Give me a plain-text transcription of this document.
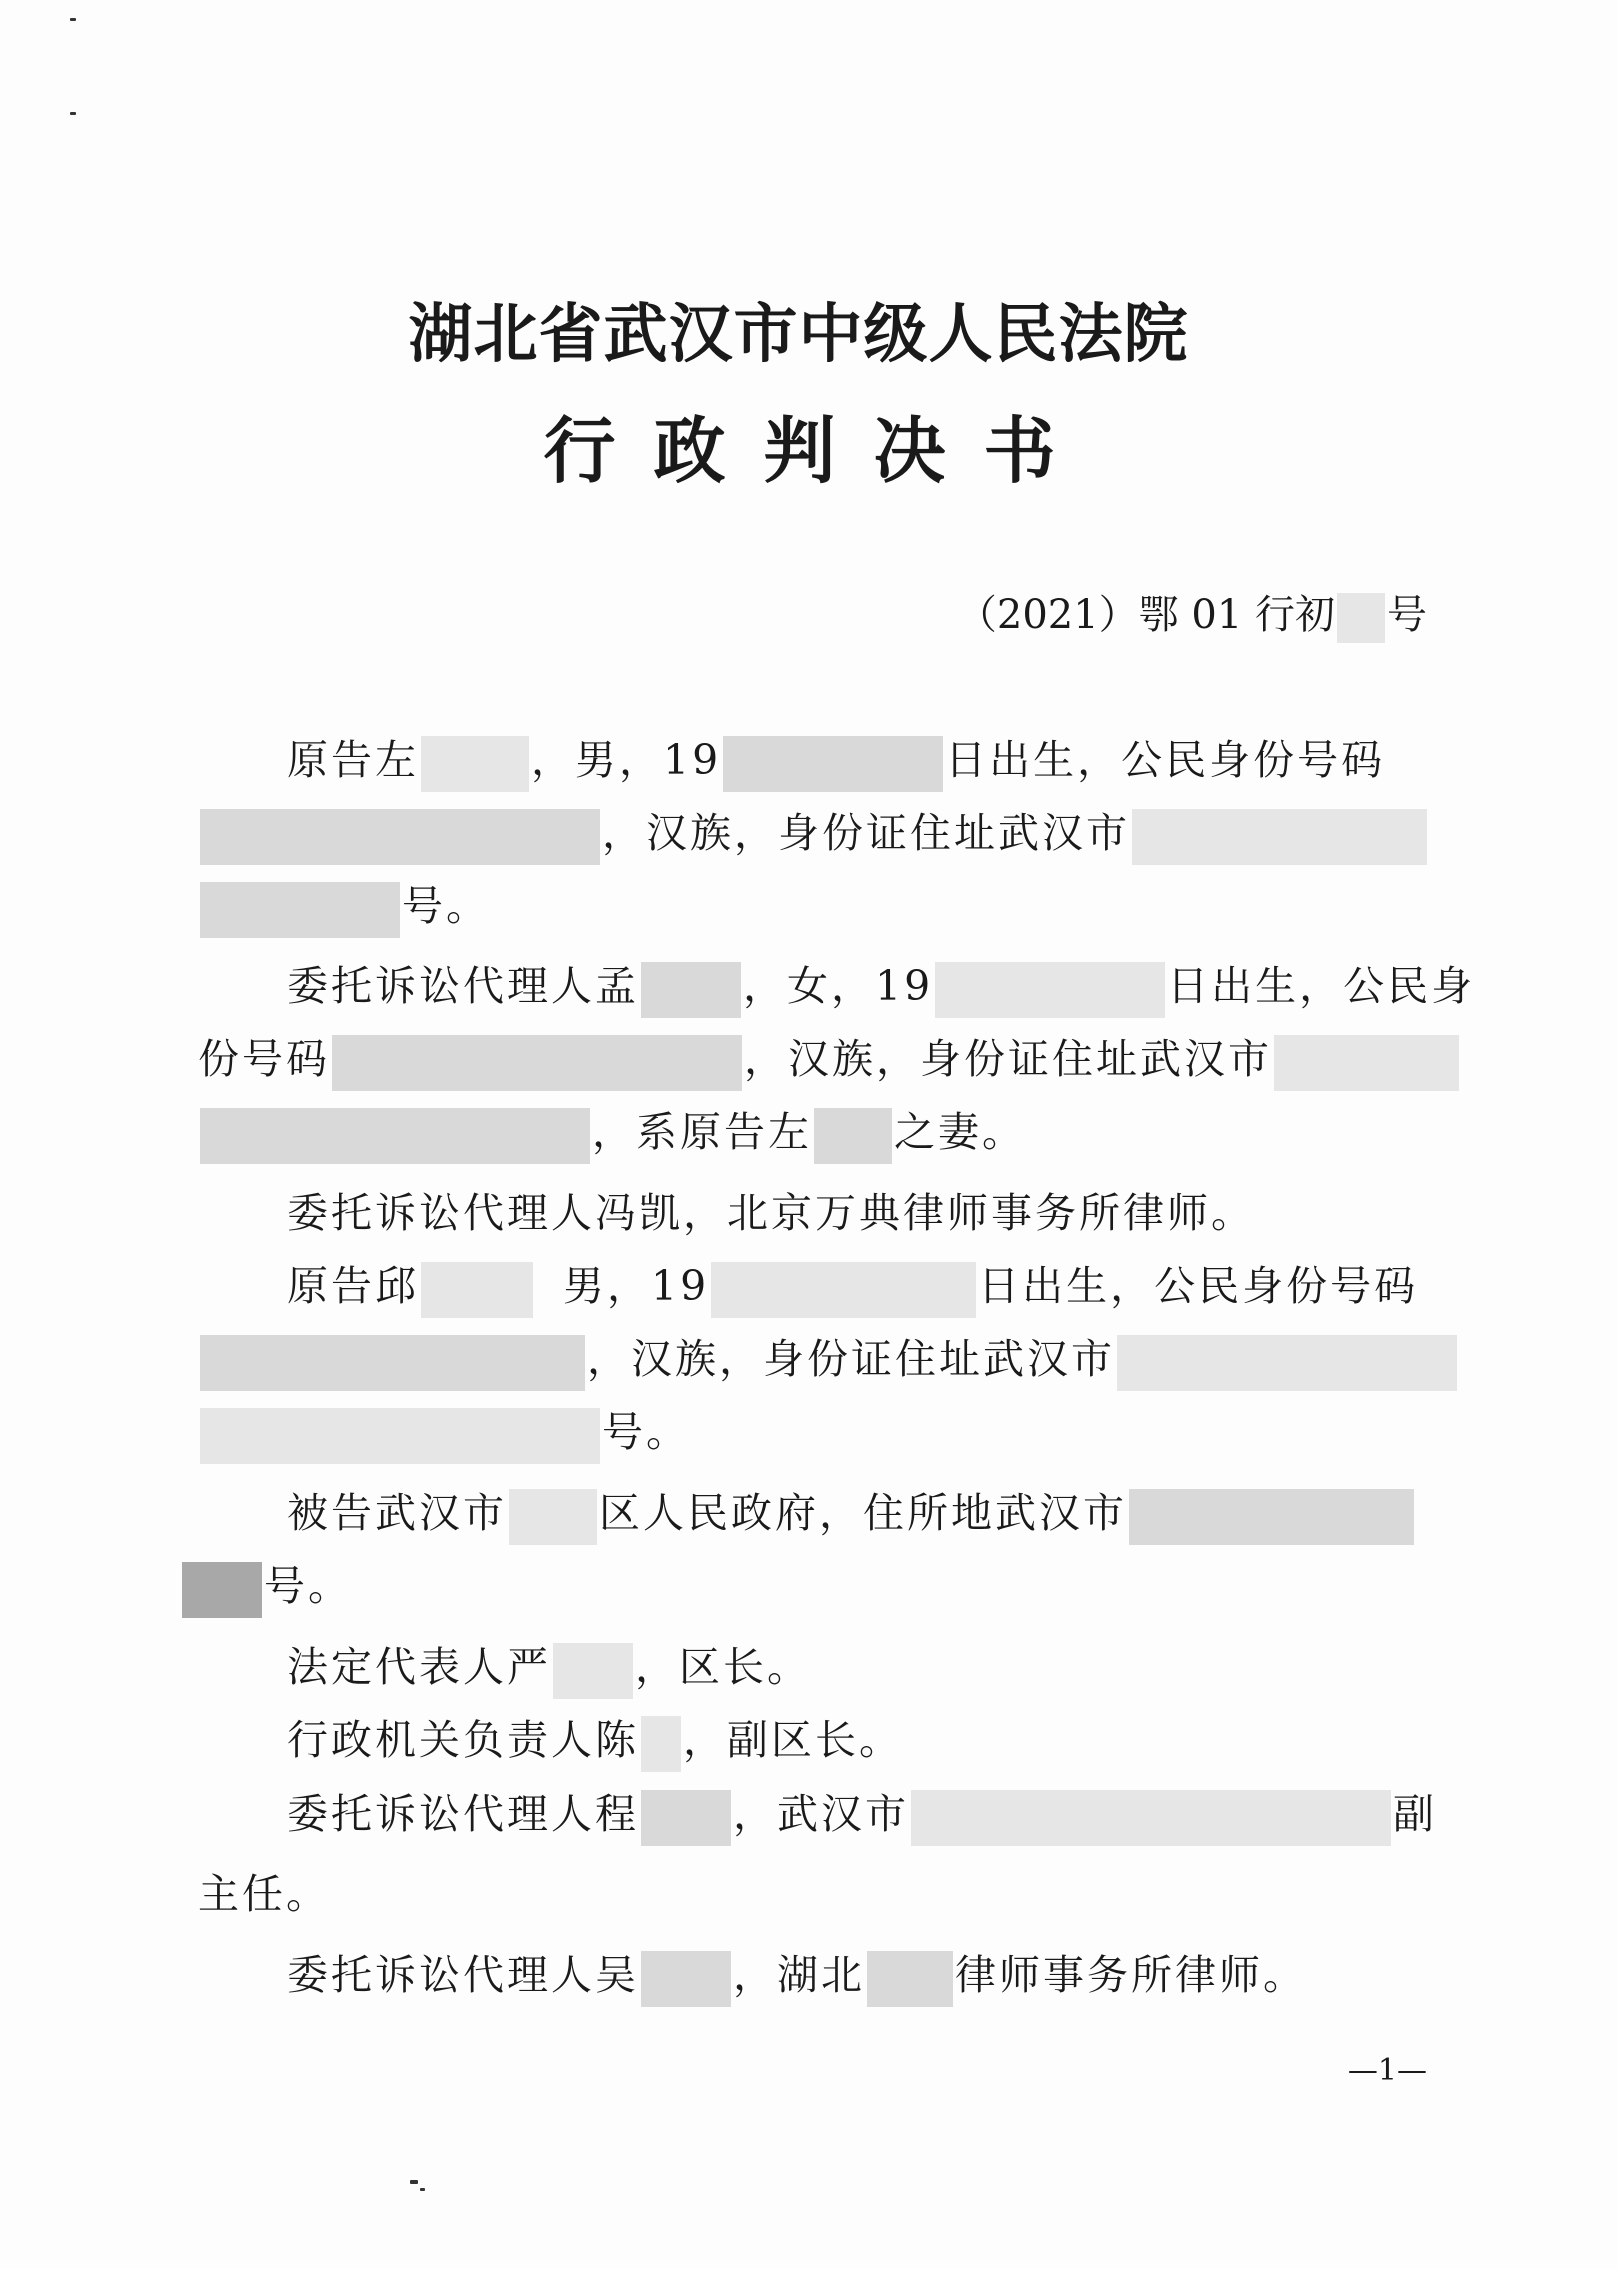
湖北省武汉市中级人民法院
行政判决书
（2021）鄂 01 行初 号
原告左	，男，19	日出生，公民身份号码
，汉族，身份证住址武汉市
号。
委托诉讼代理人孟	，女，19	日出生，公民身
份号码	，汉族，身份证住址武汉市
，系原告左 之妻。
委托诉讼代理人冯凯，北京万典律师事务所律师。
原告邱	男，19	日出生，公民身份号码
，汉族，身份证住址武汉市
号。
被告武汉市 区人民政府，住所地武汉市
号。
法定代表人严 ，区长。
行政机关负责人陈 ，副区长。
委托诉讼代理人程 ，武汉市	副
主任。
委托诉讼代理人吴 ，湖北 律师事务所律师。
—1—
